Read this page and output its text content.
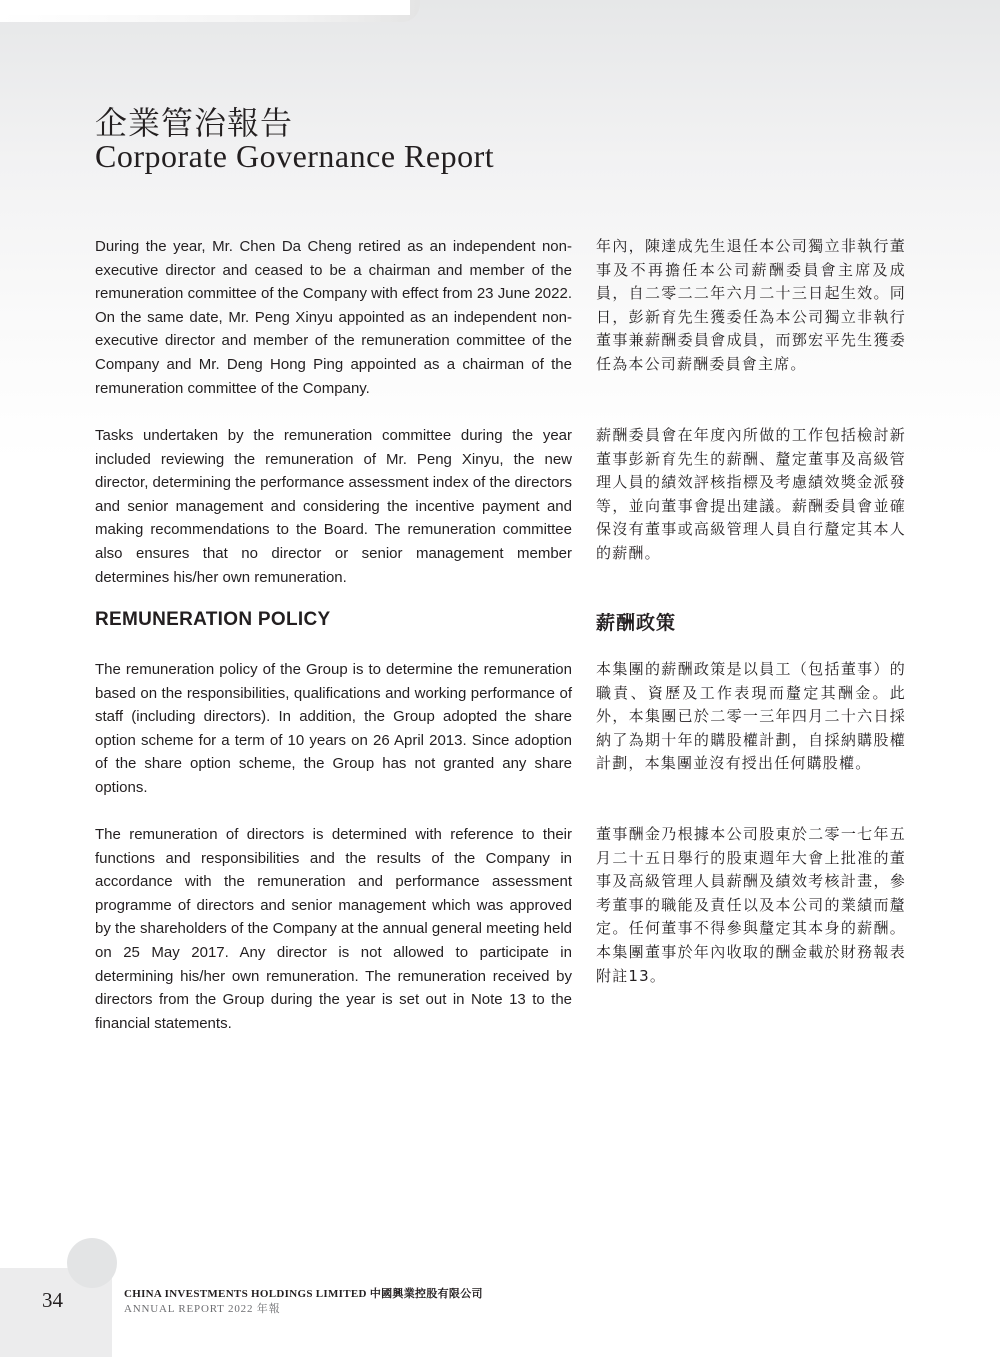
企業管治報告
Corporate Governance Report

During the year, Mr. Chen Da Cheng retired as an independent non-executive director and ceased to be a chairman and member of the remuneration committee of the Company with effect from 23 June 2022. On the same date, Mr. Peng Xinyu appointed as an independent non-executive director and member of the remuneration committee of the Company and Mr. Deng Hong Ping appointed as a chairman of the remuneration committee of the Company.

年內，陳達成先生退任本公司獨立非執行董事及不再擔任本公司薪酬委員會主席及成員，自二零二二年六月二十三日起生效。同日，彭新育先生獲委任為本公司獨立非執行董事兼薪酬委員會成員，而鄧宏平先生獲委任為本公司薪酬委員會主席。

Tasks undertaken by the remuneration committee during the year included reviewing the remuneration of Mr. Peng Xinyu, the new director, determining the performance assessment index of the directors and senior management and considering the incentive payment and making recommendations to the Board. The remuneration committee also ensures that no director or senior management member determines his/her own remuneration.

薪酬委員會在年度內所做的工作包括檢討新董事彭新育先生的薪酬、釐定董事及高級管理人員的績效評核指標及考慮績效獎金派發等，並向董事會提出建議。薪酬委員會並確保沒有董事或高級管理人員自行釐定其本人的薪酬。

REMUNERATION POLICY	薪酬政策

The remuneration policy of the Group is to determine the remuneration based on the responsibilities, qualifications and working performance of staff (including directors). In addition, the Group adopted the share option scheme for a term of 10 years on 26 April 2013. Since adoption of the share option scheme, the Group has not granted any share options.

本集團的薪酬政策是以員工（包括董事）的職責、資歷及工作表現而釐定其酬金。此外，本集團已於二零一三年四月二十六日採納了為期十年的購股權計劃，自採納購股權計劃，本集團並沒有授出任何購股權。

The remuneration of directors is determined with reference to their functions and responsibilities and the results of the Company in accordance with the remuneration and performance assessment programme of directors and senior management which was approved by the shareholders of the Company at the annual general meeting held on 25 May 2017. Any director is not allowed to participate in determining his/her own remuneration. The remuneration received by directors from the Group during the year is set out in Note 13 to the financial statements.

董事酬金乃根據本公司股東於二零一七年五月二十五日舉行的股東週年大會上批准的董事及高級管理人員薪酬及績效考核計畫，參考董事的職能及責任以及本公司的業績而釐定。任何董事不得參與釐定其本身的薪酬。本集團董事於年內收取的酬金載於財務報表附註13。

34	CHINA INVESTMENTS HOLDINGS LIMITED 中國興業控股有限公司
ANNUAL REPORT 2022 年報
